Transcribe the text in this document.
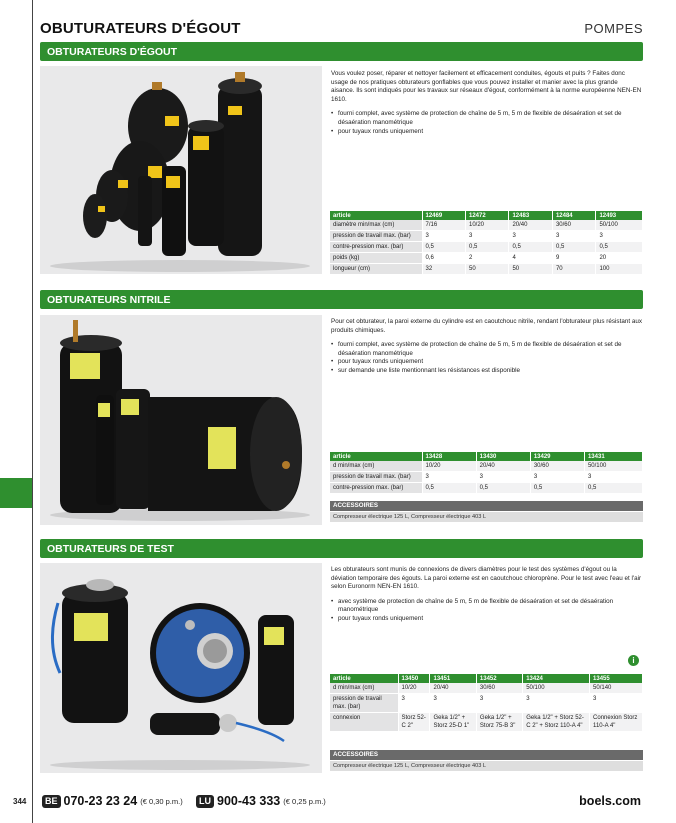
OBUTURATEURS D'ÉGOUT	POMPES
OBTURATEURS D'ÉGOUT

Vous voulez poser, réparer et nettoyer facilement et efficacement conduites, égouts et puits ? Faites donc usage de nos pratiques obturateurs gonflables que vous pouvez installer et manier avec la plus grande aisance. Ils sont indiqués pour les travaux sur réseaux d'égout, conformément à la norme européenne NEN-EN 1610.

• fourni complet, avec système de protection de chaîne de 5 m, 5 m de flexible de désaération et set de désaération manométrique
• pour tuyaux ronds uniquement
article	12469	12472	12483	12484	12493
diamètre min/max (cm)	7/16	10/20	20/40	30/60	50/100
pression de travail max. (bar)	3	3	3	3	3
contre-pression max. (bar)	0,5	0,5	0,5	0,5	0,5
poids (kg)	0,6	2	4	9	20
longueur (cm)	32	50	50	70	100
OBTURATEURS NITRILE

Pour cet obturateur, la paroi externe du cylindre est en caoutchouc nitrile, rendant l'obturateur plus résistant aux produits chimiques.

• fourni complet, avec système de protection de chaîne de 5 m, 5 m de flexible de désaération et set de désaération manométrique
• pour tuyaux ronds uniquement
• sur demande une liste mentionnant les résistances est disponible
article	13428	13430	13429	13431
d min/max (cm)	10/20	20/40	30/60	50/100
pression de travail max. (bar)	3	3	3	3
contre-pression max. (bar)	0,5	0,5	0,5	0,5
ACCESSOIRES
Compresseur électrique 125 L, Compresseur électrique 403 L
OBTURATEURS DE TEST

Les obturateurs sont munis de connexions de divers diamètres pour le test des systèmes d'égout ou la déviation temporaire des égouts. La paroi externe est en caoutchouc chloroprène. Pour le test avec l'eau et l'air selon Euronorm NEN-EN 1610.

• avec système de protection de chaîne de 5 m, 5 m de flexible de désaération et set de désaération manométrique
• pour tuyaux ronds uniquement
i
article	13450	13451	13452	13424	13455
d min/max (cm)	10/20	20/40	30/60	50/100	50/140
pression de travail max. (bar)	3	3	3	3	3
connexion	Storz 52-C 2"	Geka 1/2" + Storz 25-D 1"	Geka 1/2" + Storz 75-B 3"	Geka 1/2" + Storz 52-C 2" + Storz 110-A 4"	Connexion Storz 110-A 4"
ACCESSOIRES
Compresseur électrique 125 L, Compresseur électrique 403 L
344	BE 070-23 23 24 (€ 0,30 p.m.)	LU 900-43 333 (€ 0,25 p.m.)	boels.com
